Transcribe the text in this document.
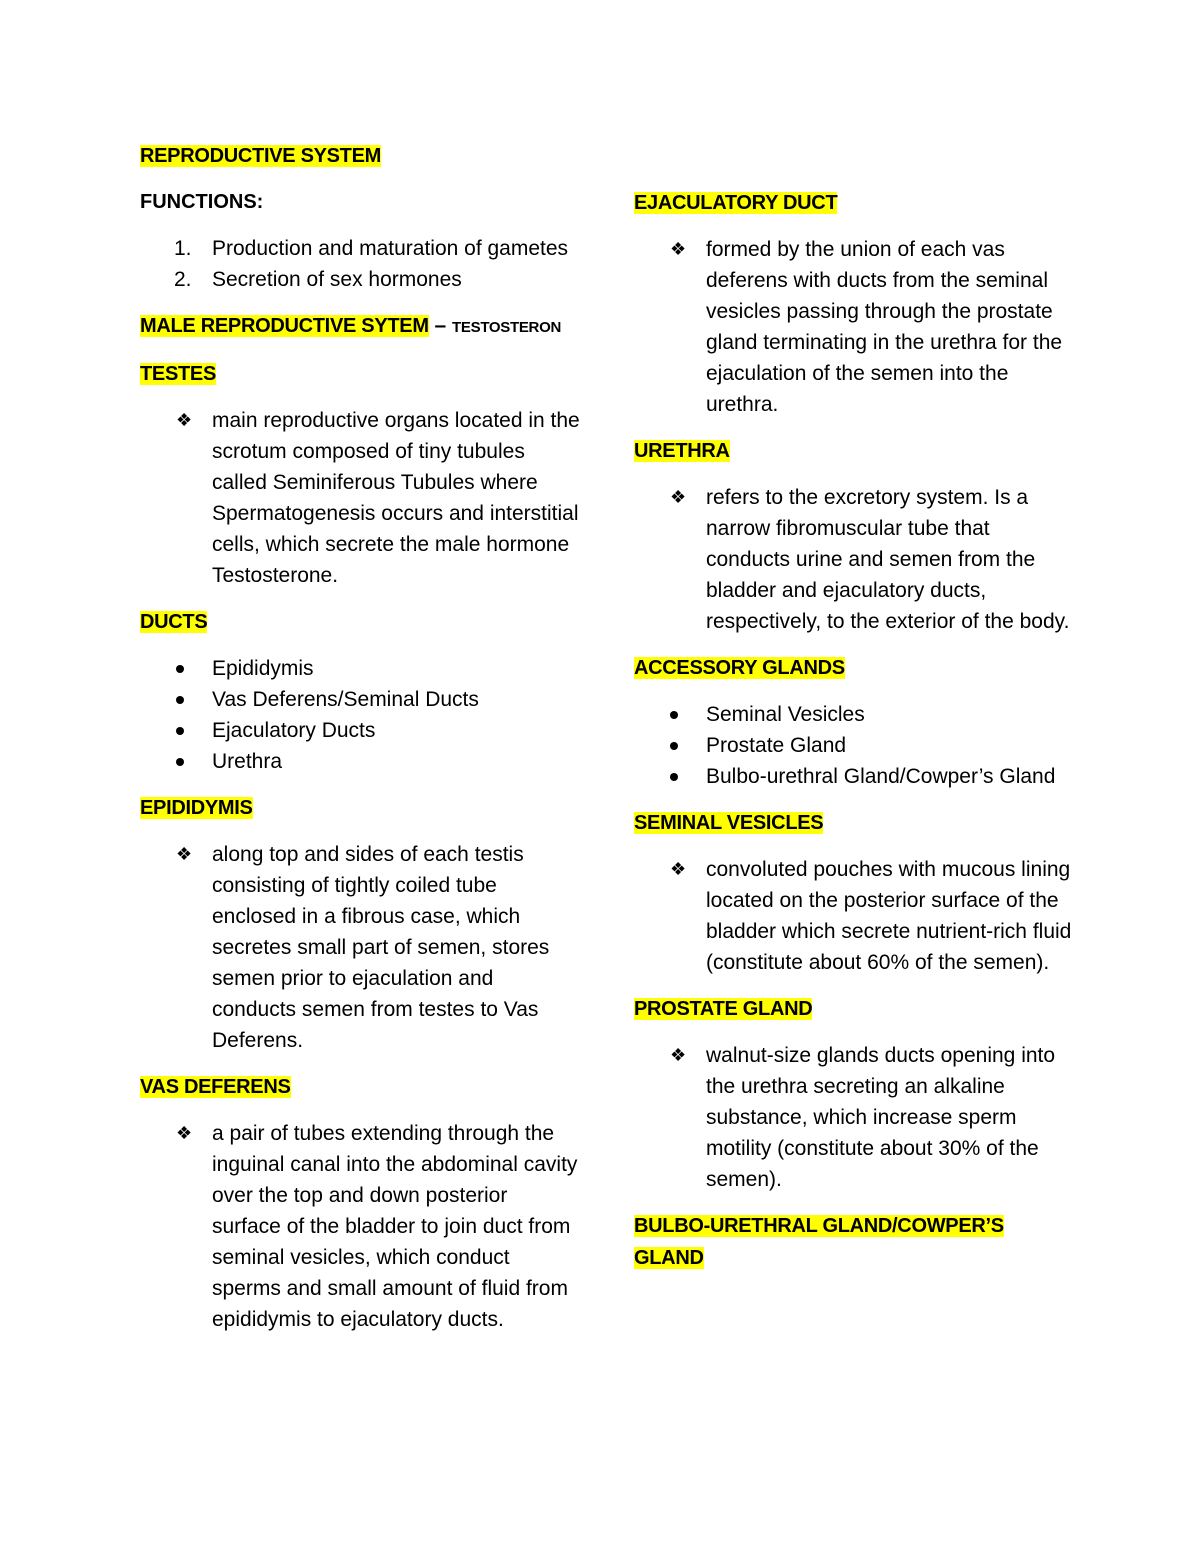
REPRODUCTIVE SYSTEM
FUNCTIONS:
1. Production and maturation of gametes
2. Secretion of sex hormones
MALE REPRODUCTIVE SYTEM – TESTOSTERON
TESTES
❖ main reproductive organs located in the scrotum composed of tiny tubules called Seminiferous Tubules where Spermatogenesis occurs and interstitial cells, which secrete the male hormone Testosterone.
DUCTS
Epididymis
Vas Deferens/Seminal Ducts
Ejaculatory Ducts
Urethra
EPIDIDYMIS
❖ along top and sides of each testis consisting of tightly coiled tube enclosed in a fibrous case, which secretes small part of semen, stores semen prior to ejaculation and conducts semen from testes to Vas Deferens.
VAS DEFERENS
❖ a pair of tubes extending through the inguinal canal into the abdominal cavity over the top and down posterior surface of the bladder to join duct from seminal vesicles, which conduct sperms and small amount of fluid from epididymis to ejaculatory ducts.
EJACULATORY DUCT
❖ formed by the union of each vas deferens with ducts from the seminal vesicles passing through the prostate gland terminating in the urethra for the ejaculation of the semen into the urethra.
URETHRA
❖ refers to the excretory system. Is a narrow fibromuscular tube that conducts urine and semen from the bladder and ejaculatory ducts, respectively, to the exterior of the body.
ACCESSORY GLANDS
Seminal Vesicles
Prostate Gland
Bulbo-urethral Gland/Cowper’s Gland
SEMINAL VESICLES
❖ convoluted pouches with mucous lining located on the posterior surface of the bladder which secrete nutrient-rich fluid (constitute about 60% of the semen).
PROSTATE GLAND
❖ walnut-size glands ducts opening into the urethra secreting an alkaline substance, which increase sperm motility (constitute about 30% of the semen).
BULBO-URETHRAL GLAND/COWPER’S GLAND
